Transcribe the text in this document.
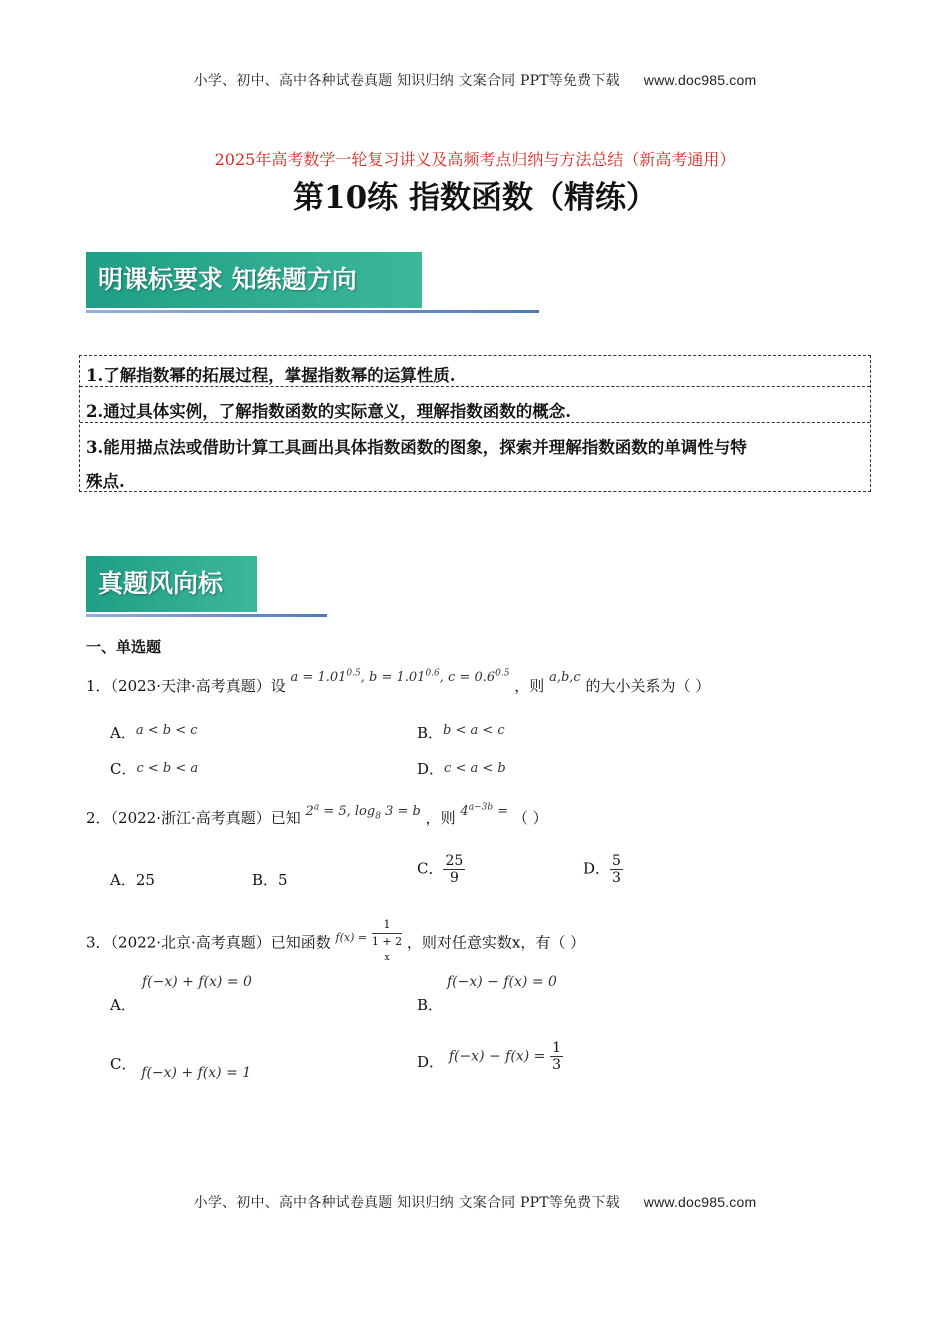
小学、初中、高中各种试卷真题 知识归纳 文案合同 PPT等免费下载 www.doc985.com
2025年高考数学一轮复习讲义及高频考点归纳与方法总结（新高考通用）
第10练 指数函数（精练）
明课标要求 知练题方向
1.了解指数幂的拓展过程，掌握指数幂的运算性质.
2.通过具体实例，了解指数函数的实际意义，理解指数函数的概念.
3.能用描点法或借助计算工具画出具体指数函数的图象，探索并理解指数函数的单调性与特
殊点.
真题风向标
一、单选题
1．（2023·天津·高考真题）设 $a = 1.01^{0.5}$, $b = 1.01^{0.6}$, $c = 0.6^{0.5}$ ，则 a,b,c 的大小关系为（ ）
A．a < b < c	B．b < a < c
C．c < b < a	D．c < a < b
2．（2022·浙江·高考真题）已知 $2^a = 5$, $\log_8 3 = b$ ，则 $4^{a-3b}$ = （ ）
A．25	B．5
C． $\frac{25}{9}$	D． $\frac{5}{3}$
3．（2022·北京·高考真题）已知函数 $^{f(x) =}$ 1
1 + 2
$^x$ ，则对任意实数x，有（ ）
f(−x) + f(x) = 0
A．
f(−x) − f(x) = 0
B．
C． f(−x) + f(x) = 1
D． $f(-x) - f(x) = \frac{1}{3}$
小学、初中、高中各种试卷真题 知识归纳 文案合同 PPT等免费下载 www.doc985.com
